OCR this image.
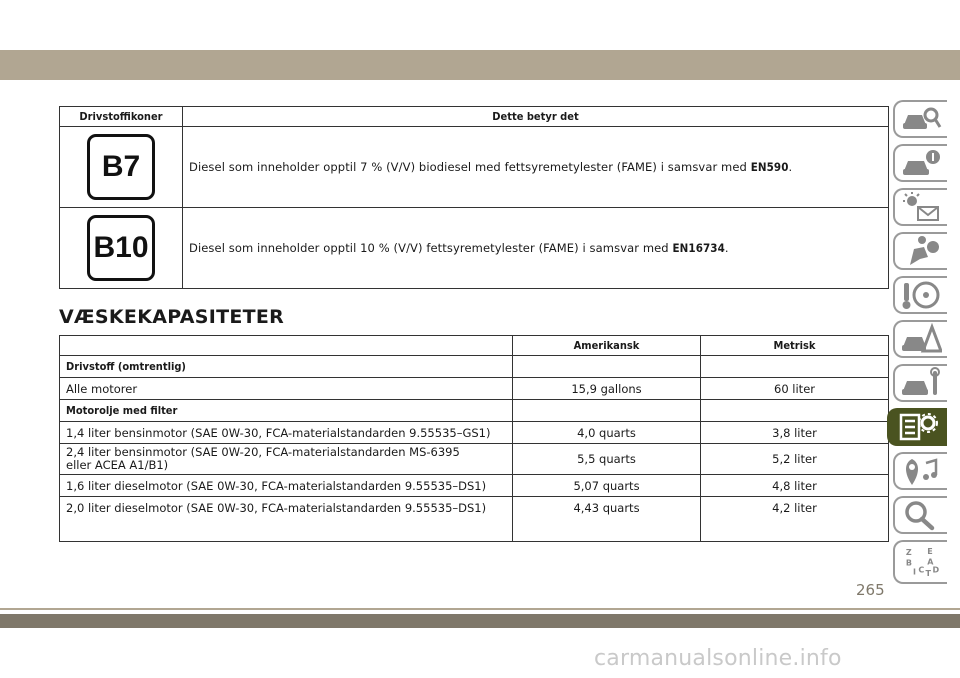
Drivstoffikoner	Dette betyr det
B7	Diesel som inneholder opptil 7 % (V/V) biodiesel med fettsyremetylester (FAME) i samsvar med EN590.
B10	Diesel som inneholder opptil 10 % (V/V) fettsyremetylester (FAME) i samsvar med EN16734.
VÆSKEKAPASITETER
	Amerikansk	Metrisk
Drivstoff (omtrentlig)		
Alle motorer	15,9 gallons	60 liter
Motorolje med filter		
1,4 liter bensinmotor (SAE 0W-30, FCA-materialstandarden 9.55535–GS1)	4,0 quarts	3,8 liter
2,4 liter bensinmotor (SAE 0W-20, FCA-materialstandarden MS-6395 eller ACEA A1/B1)	5,5 quarts	5,2 liter
1,6 liter dieselmotor (SAE 0W-30, FCA-materialstandarden 9.55535–DS1)	5,07 quarts	4,8 liter
2,0 liter dieselmotor (SAE 0W-30, FCA-materialstandarden 9.55535–DS1)	4,43 quarts	4,2 liter
Z E
B A
I C T D
265
carmanualsonline.info
